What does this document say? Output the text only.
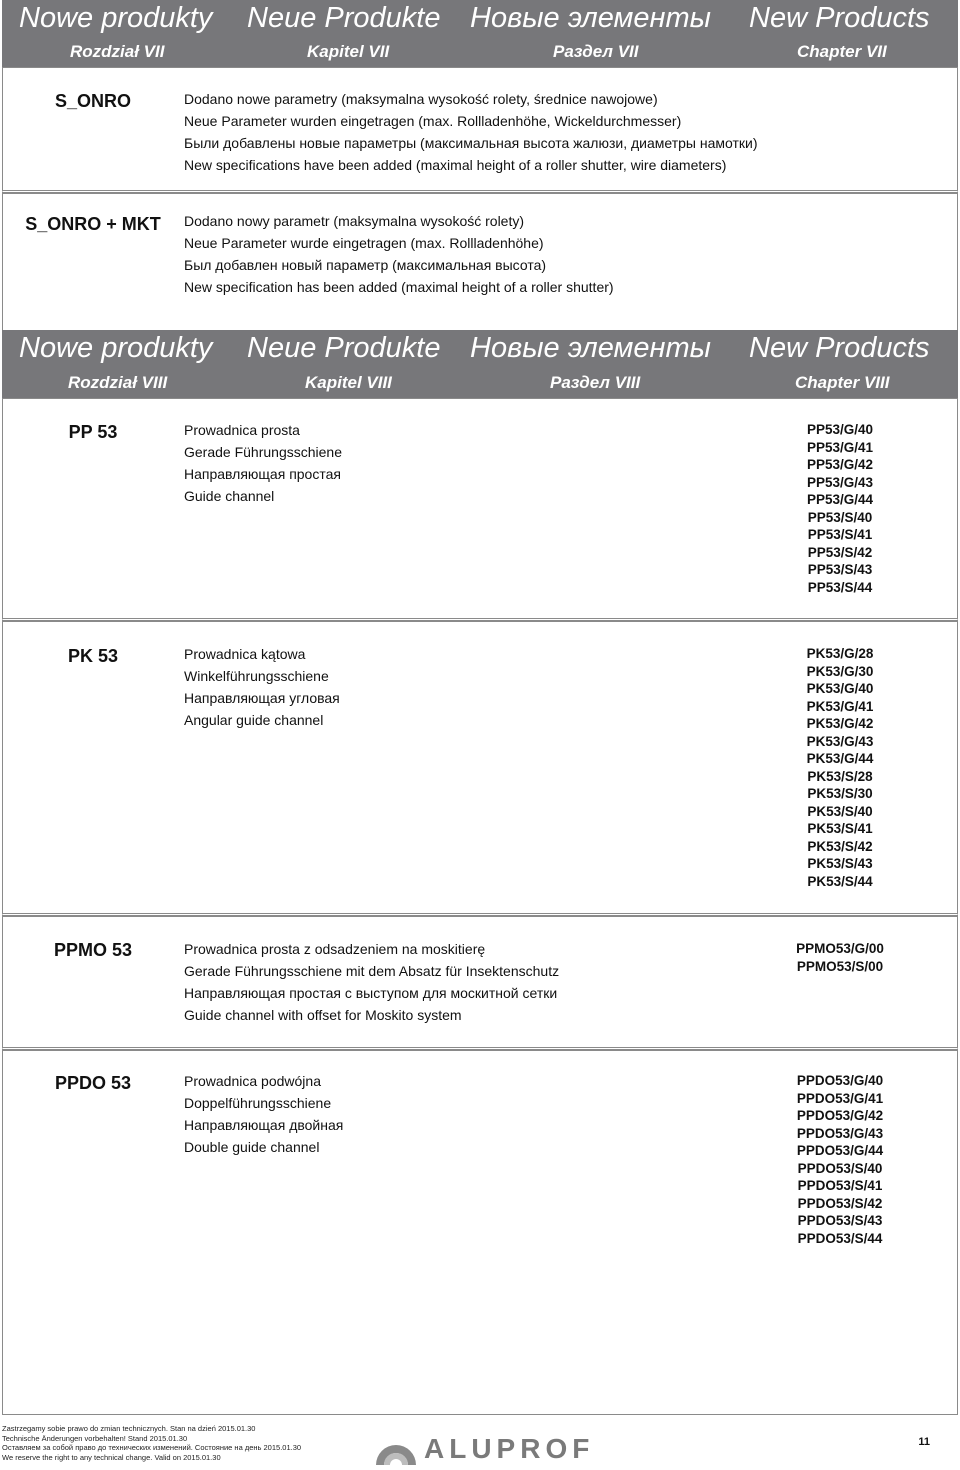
Nowe produkty Neue Produkte Новые элементы New Products
Rozdział VII	Kapitel VII	Раздел VII	Chapter VII
S_ONRO	Dodano nowe parametry (maksymalna wysokość rolety, średnice nawojowe)
Neue Parameter wurden eingetragen (max. Rollladenhöhe, Wickeldurchmesser)
Были добавлены новые параметры (максимальная высота жалюзи, диаметры намотки)
New specifications have been added (maximal height of a roller shutter, wire diameters)
S_ONRO + MKT	Dodano nowy parametr (maksymalna wysokość rolety)
Neue Parameter wurde eingetragen (max. Rollladenhöhe)
Был добавлен новый параметр (максимальная высота)
New specification has been added (maximal height of a roller shutter)
Nowe produkty Neue Produkte Новые элементы New Products
Rozdział VIII	Kapitel VIII	Раздел VIII	Chapter VIII
PP 53	Prowadnica prosta
Gerade Führungsschiene
Направляющая простая
Guide channel
PP53/G/40
PP53/G/41
PP53/G/42
PP53/G/43
PP53/G/44
PP53/S/40
PP53/S/41
PP53/S/42
PP53/S/43
PP53/S/44
PK 53	Prowadnica kątowa
Winkelführungsschiene
Направляющая угловая
Angular guide channel
PK53/G/28
PK53/G/30
PK53/G/40
PK53/G/41
PK53/G/42
PK53/G/43
PK53/G/44
PK53/S/28
PK53/S/30
PK53/S/40
PK53/S/41
PK53/S/42
PK53/S/43
PK53/S/44
PPMO 53	Prowadnica prosta z odsadzeniem na moskitierę
Gerade Führungsschiene mit dem Absatz für Insektenschutz
Направляющая простая с выступом для москитной сетки
Guide channel with offset for Moskito system
PPMO53/G/00
PPMO53/S/00
PPDO 53	Prowadnica podwójna
Doppelführungsschiene
Направляющая двойная
Double guide channel
PPDO53/G/40
PPDO53/G/41
PPDO53/G/42
PPDO53/G/43
PPDO53/G/44
PPDO53/S/40
PPDO53/S/41
PPDO53/S/42
PPDO53/S/43
PPDO53/S/44
Zastrzegamy sobie prawo do zmian technicznych. Stan na dzień 2015.01.30
Technische Änderungen vorbehalten! Stand 2015.01.30
Оставляем за собой право до технических изменений. Состояние на день 2015.01.30
We reserve the right to any technical change. Valid on 2015.01.30	ALUPROF	11
